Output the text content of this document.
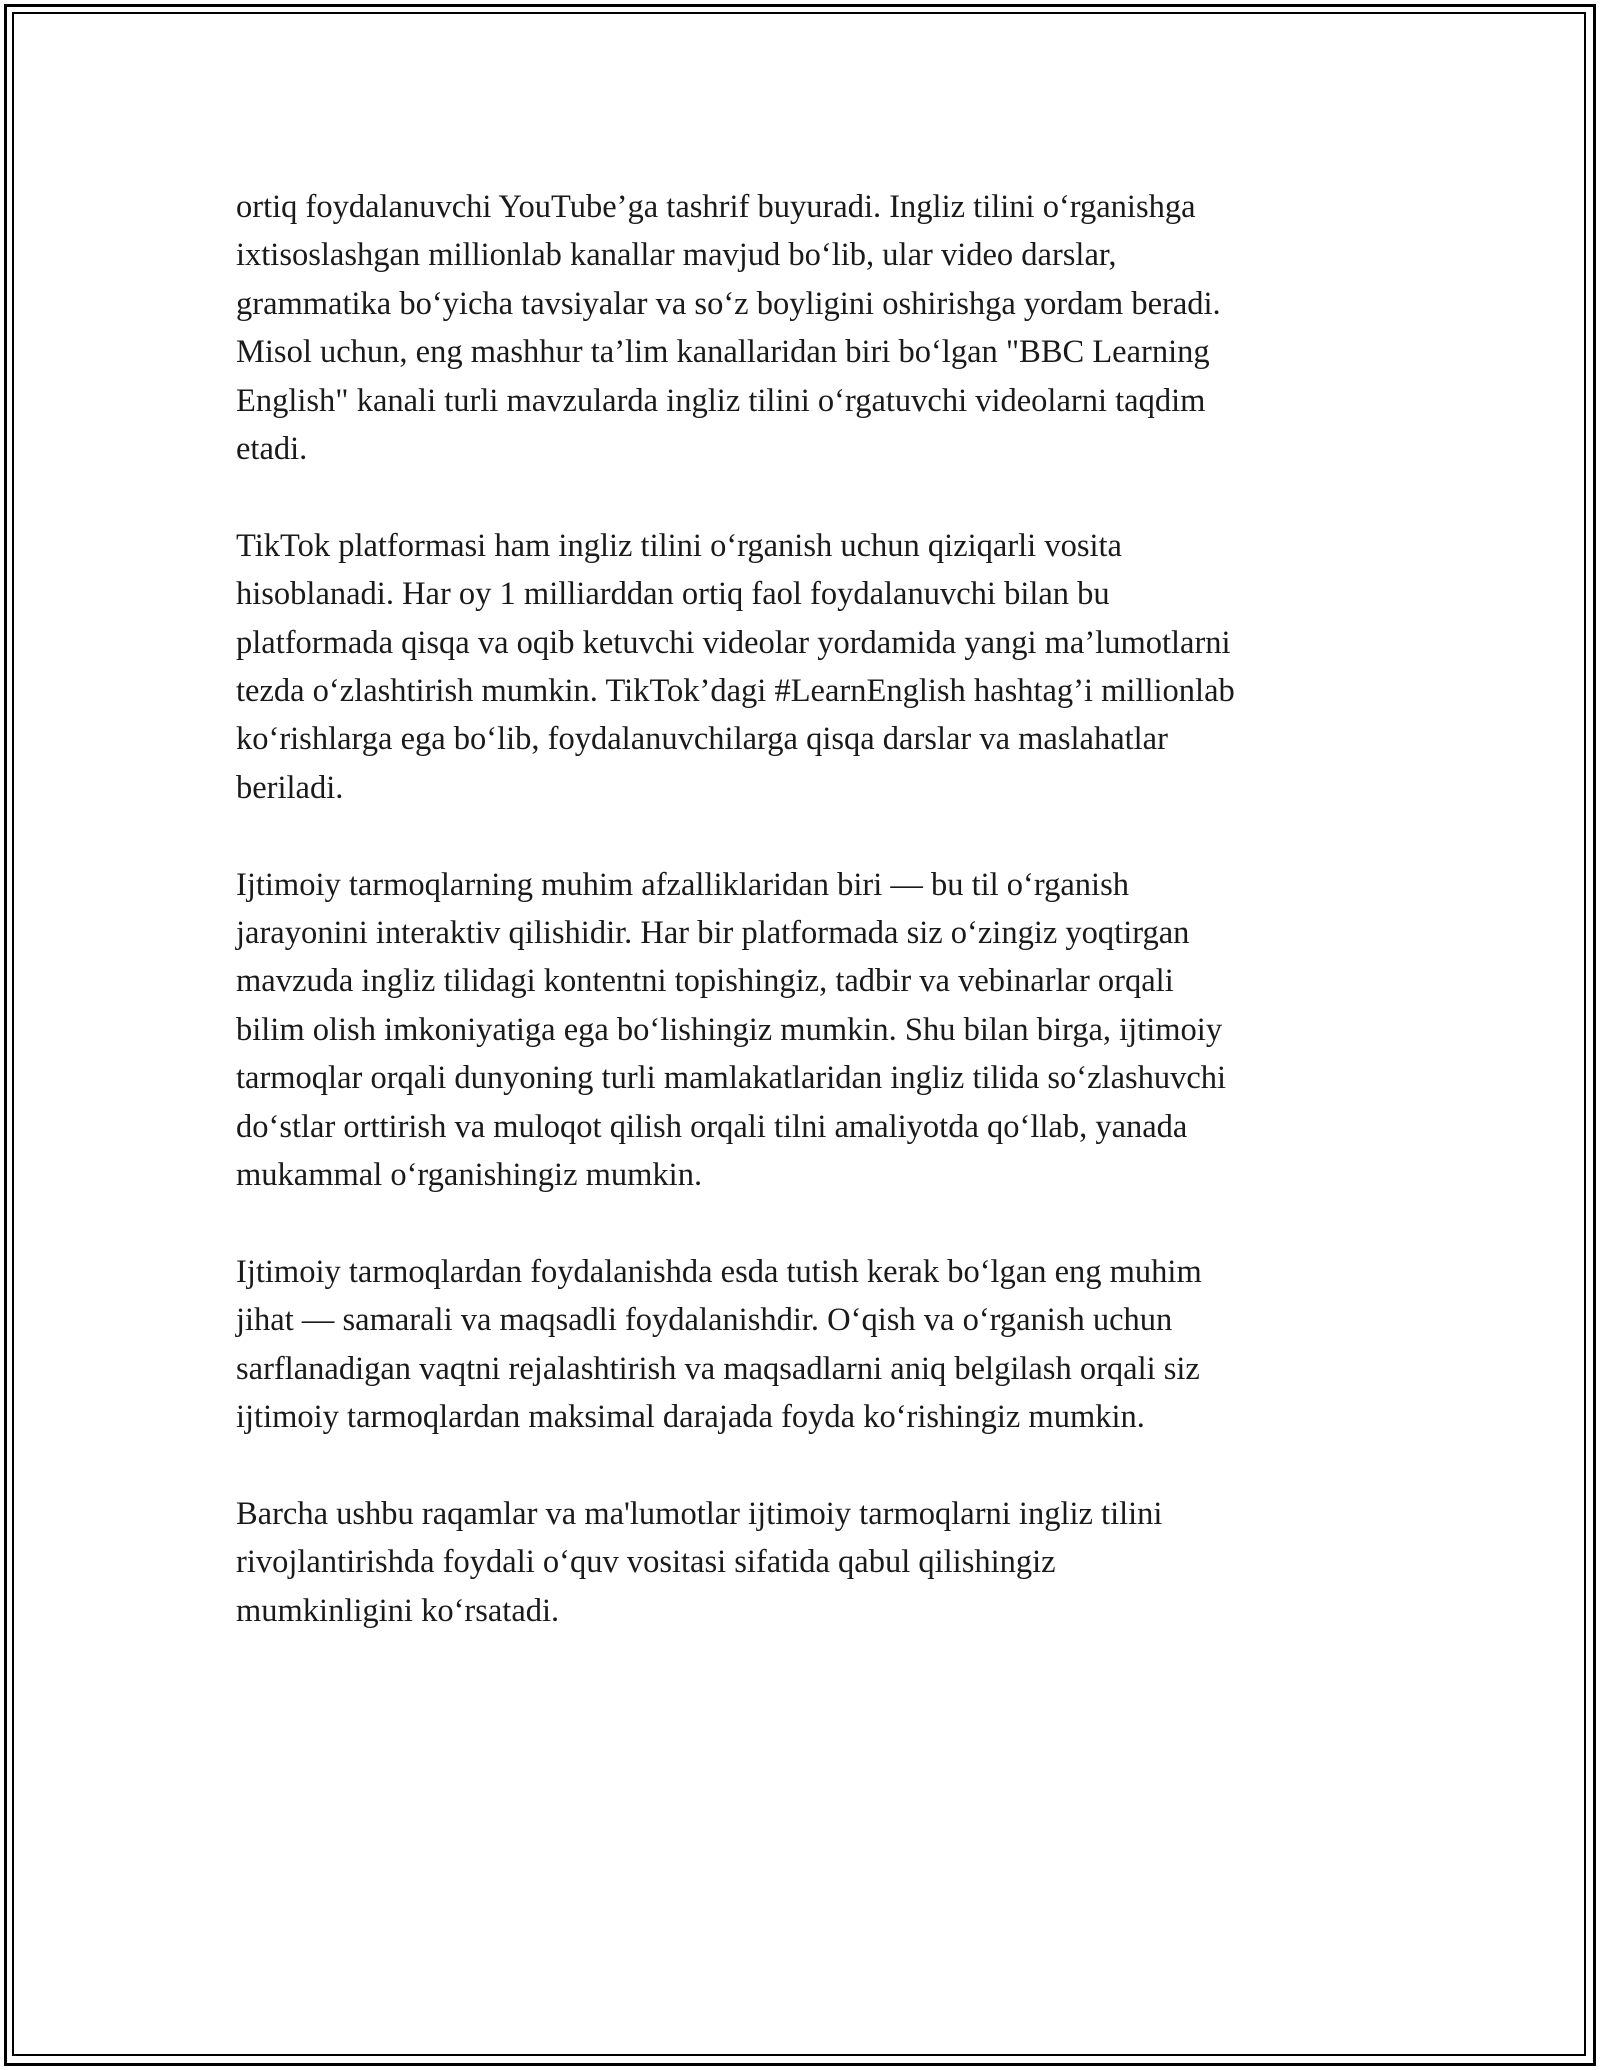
ortiq foydalanuvchi YouTube’ga tashrif buyuradi. Ingliz tilini o‘rganishga
ixtisoslashgan millionlab kanallar mavjud bo‘lib, ular video darslar,
grammatika bo‘yicha tavsiyalar va so‘z boyligini oshirishga yordam beradi.
Misol uchun, eng mashhur ta’lim kanallaridan biri bo‘lgan "BBC Learning
English" kanali turli mavzularda ingliz tilini o‘rgatuvchi videolarni taqdim
etadi.

TikTok platformasi ham ingliz tilini o‘rganish uchun qiziqarli vosita
hisoblanadi. Har oy 1 milliarddan ortiq faol foydalanuvchi bilan bu
platformada qisqa va oqib ketuvchi videolar yordamida yangi ma’lumotlarni
tezda o‘zlashtirish mumkin. TikTok’dagi #LearnEnglish hashtag’i millionlab
ko‘rishlarga ega bo‘lib, foydalanuvchilarga qisqa darslar va maslahatlar
beriladi.

Ijtimoiy tarmoqlarning muhim afzalliklaridan biri — bu til o‘rganish
jarayonini interaktiv qilishidir. Har bir platformada siz o‘zingiz yoqtirgan
mavzuda ingliz tilidagi kontentni topishingiz, tadbir va vebinarlar orqali
bilim olish imkoniyatiga ega bo‘lishingiz mumkin. Shu bilan birga, ijtimoiy
tarmoqlar orqali dunyoning turli mamlakatlaridan ingliz tilida so‘zlashuvchi
do‘stlar orttirish va muloqot qilish orqali tilni amaliyotda qo‘llab, yanada
mukammal o‘rganishingiz mumkin.

Ijtimoiy tarmoqlardan foydalanishda esda tutish kerak bo‘lgan eng muhim
jihat — samarali va maqsadli foydalanishdir. O‘qish va o‘rganish uchun
sarflanadigan vaqtni rejalashtirish va maqsadlarni aniq belgilash orqali siz
ijtimoiy tarmoqlardan maksimal darajada foyda ko‘rishingiz mumkin.

Barcha ushbu raqamlar va ma'lumotlar ijtimoiy tarmoqlarni ingliz tilini
rivojlantirishda foydali o‘quv vositasi sifatida qabul qilishingiz
mumkinligini ko‘rsatadi.
